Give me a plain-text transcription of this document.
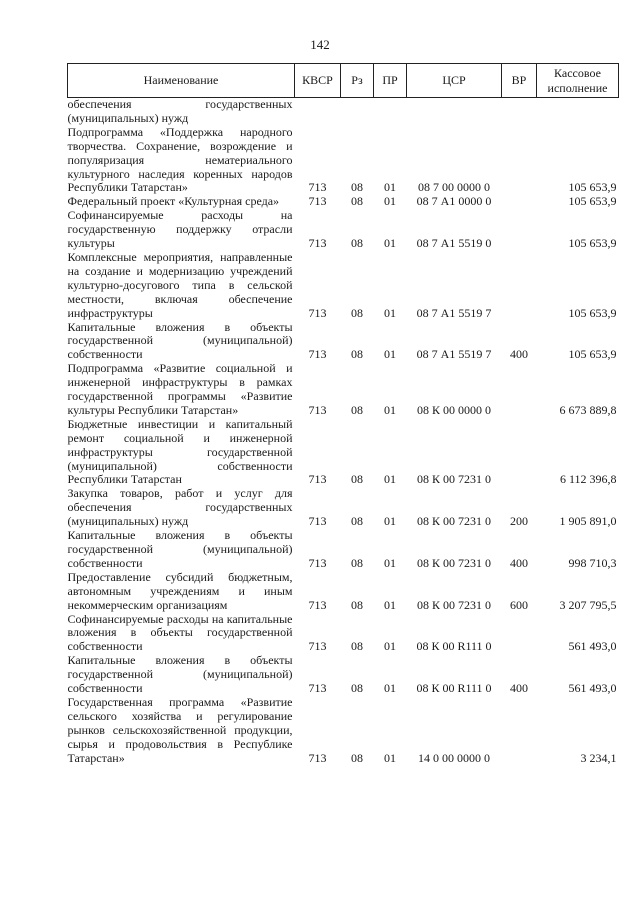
142
Наименование	КВСР	Рз	ПР	ЦСР	ВР	Кассовое исполнение
обеспечения государственных (муниципальных) нужд						
Подпрограмма «Поддержка народного творчества. Сохранение, возрождение и популяризация нематериального культурного наследия коренных народов Республики Татарстан»	713	08	01	08 7 00 0000 0		105 653,9
Федеральный проект «Культурная среда»	713	08	01	08 7 А1 0000 0		105 653,9
Софинансируемые расходы на государственную поддержку отрасли культуры	713	08	01	08 7 А1 5519 0		105 653,9
Комплексные мероприятия, направленные на создание и модернизацию учреждений культурно-досугового типа в сельской местности, включая обеспечение инфраструктуры	713	08	01	08 7 А1 5519 7		105 653,9
Капитальные вложения в объекты государственной (муниципальной) собственности	713	08	01	08 7 А1 5519 7	400	105 653,9
Подпрограмма «Развитие социальной и инженерной инфраструктуры в рамках государственной программы «Развитие культуры Республики Татарстан»	713	08	01	08 К 00 0000 0		6 673 889,8
Бюджетные инвестиции и капитальный ремонт социальной и инженерной инфраструктуры государственной (муниципальной) собственности Республики Татарстан	713	08	01	08 К 00 7231 0		6 112 396,8
Закупка товаров, работ и услуг для обеспечения государственных (муниципальных) нужд	713	08	01	08 К 00 7231 0	200	1 905 891,0
Капитальные вложения в объекты государственной (муниципальной) собственности	713	08	01	08 К 00 7231 0	400	998 710,3
Предоставление субсидий бюджетным, автономным учреждениям и иным некоммерческим организациям	713	08	01	08 К 00 7231 0	600	3 207 795,5
Софинансируемые расходы на капитальные вложения в объекты государственной собственности	713	08	01	08 К 00 R111 0		561 493,0
Капитальные вложения в объекты государственной (муниципальной) собственности	713	08	01	08 К 00 R111 0	400	561 493,0
Государственная программа «Развитие сельского хозяйства и регулирование рынков сельскохозяйственной продукции, сырья и продовольствия в Республике Татарстан»	713	08	01	14 0 00 0000 0		3 234,1
